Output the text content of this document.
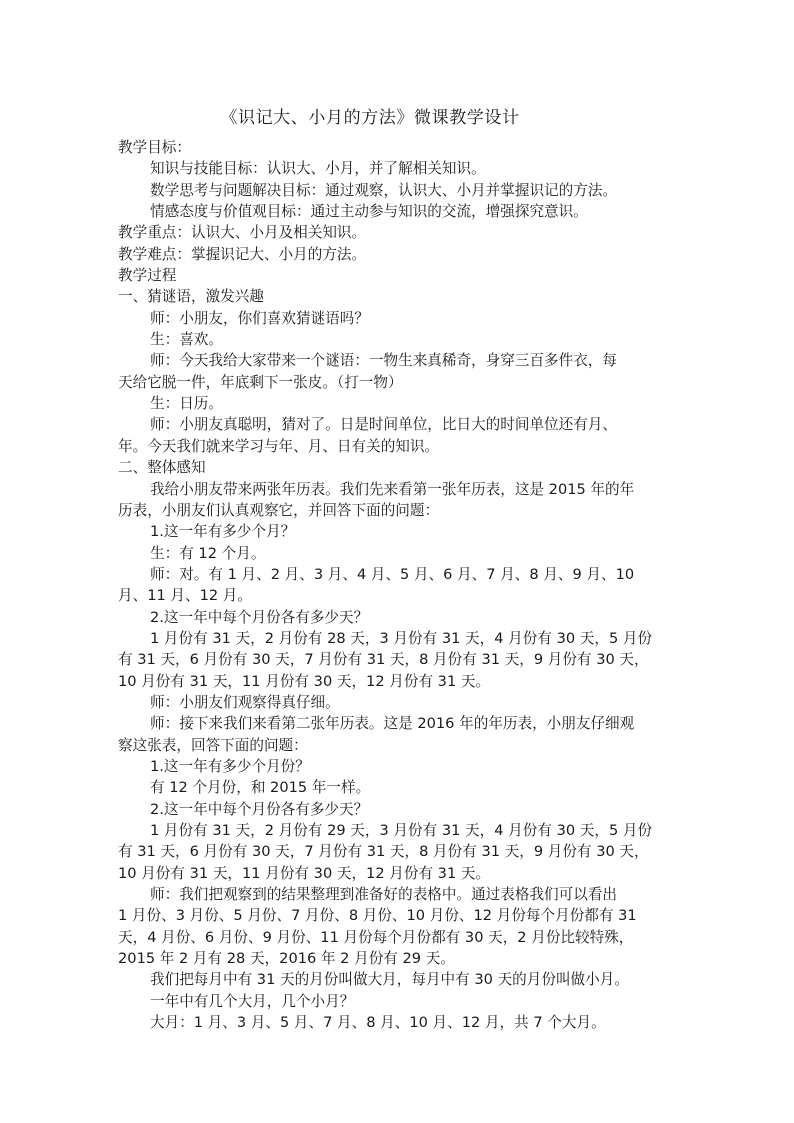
《识记大、小月的方法》微课教学设计

教学目标：

知识与技能目标：认识大、小月，并了解相关知识。

数学思考与问题解决目标：通过观察，认识大、小月并掌握识记的方法。

情感态度与价值观目标：通过主动参与知识的交流，增强探究意识。

教学重点：认识大、小月及相关知识。

教学难点：掌握识记大、小月的方法。

教学过程

一、猜谜语，激发兴趣

师：小朋友，你们喜欢猜谜语吗？

生：喜欢。

师：今天我给大家带来一个谜语：一物生来真稀奇，身穿三百多件衣，每

天给它脱一件，年底剩下一张皮。（打一物）

生：日历。

师：小朋友真聪明，猜对了。日是时间单位，比日大的时间单位还有月、

年。今天我们就来学习与年、月、日有关的知识。

二、整体感知

我给小朋友带来两张年历表。我们先来看第一张年历表，这是 2015 年的年

历表，小朋友们认真观察它，并回答下面的问题：

1.这一年有多少个月？

生：有 12 个月。

师：对。有 1 月、2 月、3 月、4 月、5 月、6 月、7 月、8 月、9 月、10

月、11 月、12 月。

2.这一年中每个月份各有多少天？

1 月份有 31 天，2 月份有 28 天，3 月份有 31 天，4 月份有 30 天，5 月份

有 31 天，6 月份有 30 天，7 月份有 31 天，8 月份有 31 天，9 月份有 30 天，

10 月份有 31 天，11 月份有 30 天，12 月份有 31 天。

师：小朋友们观察得真仔细。

师：接下来我们来看第二张年历表。这是 2016 年的年历表，小朋友仔细观

察这张表，回答下面的问题：

1.这一年有多少个月份？

有 12 个月份，和 2015 年一样。

2.这一年中每个月份各有多少天？

1 月份有 31 天，2 月份有 29 天，3 月份有 31 天，4 月份有 30 天，5 月份

有 31 天，6 月份有 30 天，7 月份有 31 天，8 月份有 31 天，9 月份有 30 天，

10 月份有 31 天，11 月份有 30 天，12 月份有 31 天。

师：我们把观察到的结果整理到准备好的表格中。通过表格我们可以看出

1 月份、3 月份、5 月份、7 月份、8 月份、10 月份、12 月份每个月份都有 31

天，4 月份、6 月份、9 月份、11 月份每个月份都有 30 天，2 月份比较特殊，

2015 年 2 月有 28 天，2016 年 2 月份有 29 天。

我们把每月中有 31 天的月份叫做大月，每月中有 30 天的月份叫做小月。

一年中有几个大月，几个小月？

大月：1 月、3 月、5 月、7 月、8 月、10 月、12 月，共 7 个大月。
